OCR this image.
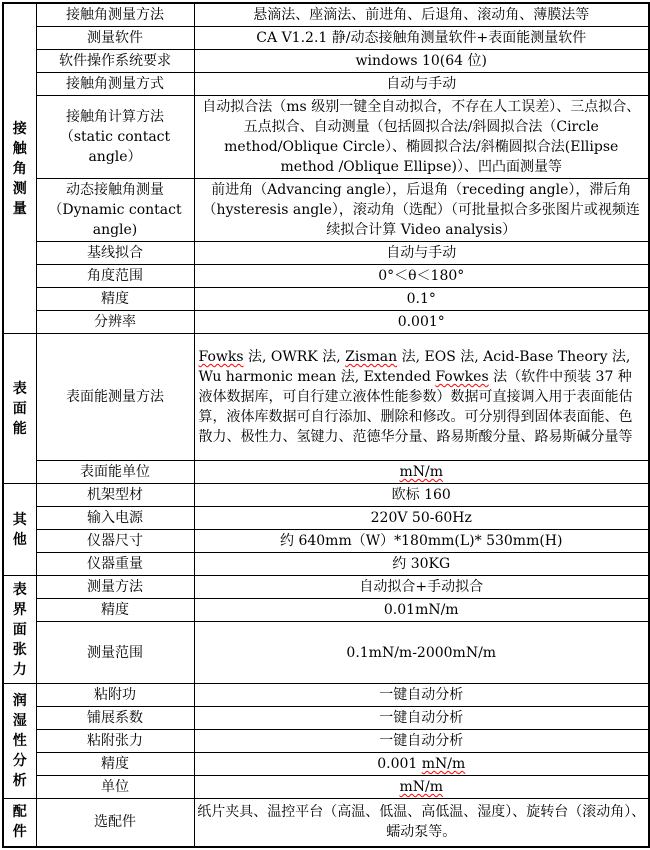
接
触
角
测
量	接触角测量方法	悬滴法、座滴法、前进角、后退角、滚动角、薄膜法等
	测量软件	CA V1.2.1 静/动态接触角测量软件+表面能测量软件
	软件操作系统要求	windows 10(64 位)
	接触角测量方式	自动与手动
	接触角计算方法
（static contact
angle）	自动拟合法（ms 级别一键全自动拟合，不存在人工误差）、三点拟合、五点拟合、自动测量（包括圆拟合法/斜圆拟合法（Circle method/Oblique Circle）、椭圆拟合法/斜椭圆拟合法(Ellipse method /Oblique Ellipse)）、凹凸面测量等
	动态接触角测量
（Dynamic contact
angle)	前进角（Advancing angle），后退角（receding angle），滞后角（hysteresis angle），滚动角（选配）（可批量拟合多张图片或视频连续拟合计算 Video analysis）
	基线拟合	自动与手动
	角度范围	0°＜θ＜180°
	精度	0.1°
	分辨率	0.001°
表
面
能	表面能测量方法	Fowks 法, OWRK 法, Zisman 法, EOS 法, Acid-Base Theory 法, Wu harmonic mean 法, Extended Fowkes 法（软件中预装 37 种液体数据库，可自行建立液体性能参数）数据可直接调入用于表面能估算，液体库数据可自行添加、删除和修改。可分别得到固体表面能、色散力、极性力、氢键力、范德华分量、路易斯酸分量、路易斯碱分量等
	表面能单位	mN/m
其
他	机架型材	欧标 160
	输入电源	220V 50-60Hz
	仪器尺寸	约 640mm（W）*180mm(L)* 530mm(H)
	仪器重量	约 30KG
表
界
面
张
力	测量方法	自动拟合+手动拟合
	精度	0.01mN/m
	测量范围	0.1mN/m-2000mN/m
润
湿
性
分
析	粘附功	一键自动分析
	铺展系数	一键自动分析
	粘附张力	一键自动分析
	精度	0.001 mN/m
	单位	mN/m
配
件	选配件	纸片夹具、温控平台（高温、低温、高低温、湿度）、旋转台（滚动角）、蠕动泵等。
